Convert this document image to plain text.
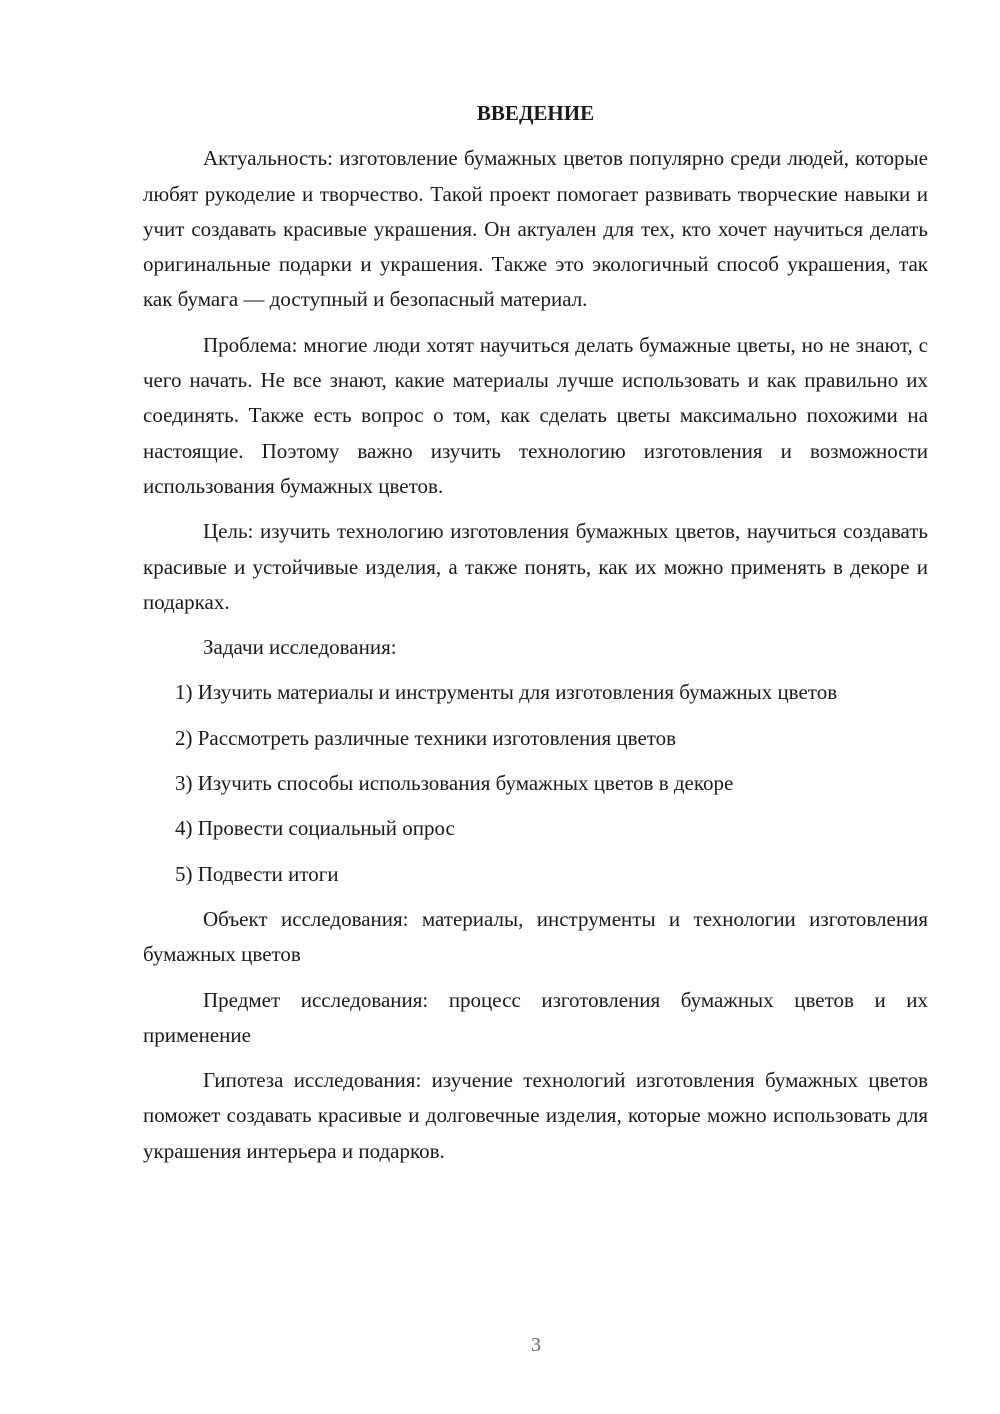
ВВЕДЕНИЕ

Актуальность: изготовление бумажных цветов популярно среди людей, которые любят рукоделие и творчество. Такой проект помогает развивать творческие навыки и учит создавать красивые украшения. Он актуален для тех, кто хочет научиться делать оригинальные подарки и украшения. Также это экологичный способ украшения, так как бумага — доступный и безопасный материал.

Проблема: многие люди хотят научиться делать бумажные цветы, но не знают, с чего начать. Не все знают, какие материалы лучше использовать и как правильно их соединять. Также есть вопрос о том, как сделать цветы максимально похожими на настоящие. Поэтому важно изучить технологию изготовления и возможности использования бумажных цветов.

Цель: изучить технологию изготовления бумажных цветов, научиться создавать красивые и устойчивые изделия, а также понять, как их можно применять в декоре и подарках.

Задачи исследования:

1) Изучить материалы и инструменты для изготовления бумажных цветов

2) Рассмотреть различные техники изготовления цветов

3) Изучить способы использования бумажных цветов в декоре

4) Провести социальный опрос

5) Подвести итоги

Объект исследования: материалы, инструменты и технологии изготовления бумажных цветов

Предмет исследования: процесс изготовления бумажных цветов и их применение

Гипотеза исследования: изучение технологий изготовления бумажных цветов поможет создавать красивые и долговечные изделия, которые можно использовать для украшения интерьера и подарков.

3
